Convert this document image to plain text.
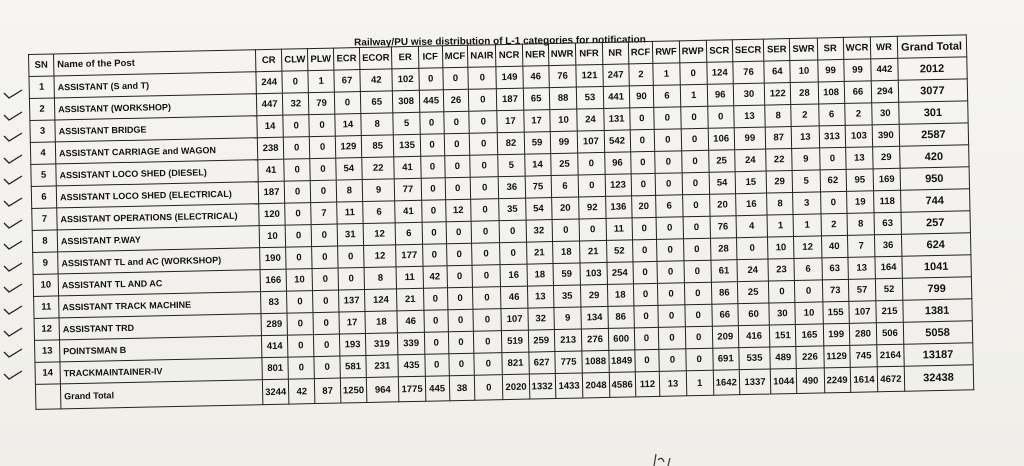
Railway/PU wise distribution of L-1 categories for notification
SN	Name of the Post	CR	CLW	PLW	ECR	ECOR	ER	ICF	MCF	NAIR	NCR	NER	NWR	NFR	NR	RCF	RWF	RWP	SCR	SECR	SER	SWR	SR	WCR	WR	Grand Total
1	ASSISTANT (S and T)	244	0	1	67	42	102	0	0	0	149	46	76	121	247	2	1	0	124	76	64	10	99	99	442	2012
2	ASSISTANT (WORKSHOP)	447	32	79	0	65	308	445	26	0	187	65	88	53	441	90	6	1	96	30	122	28	108	66	294	3077
3	ASSISTANT BRIDGE	14	0	0	14	8	5	0	0	0	17	17	10	24	131	0	0	0	0	13	8	2	6	2	30	301
4	ASSISTANT CARRIAGE and WAGON	238	0	0	129	85	135	0	0	0	82	59	99	107	542	0	0	0	106	99	87	13	313	103	390	2587
5	ASSISTANT LOCO SHED (DIESEL)	41	0	0	54	22	41	0	0	0	5	14	25	0	96	0	0	0	25	24	22	9	0	13	29	420
6	ASSISTANT LOCO SHED (ELECTRICAL)	187	0	0	8	9	77	0	0	0	36	75	6	0	123	0	0	0	54	15	29	5	62	95	169	950
7	ASSISTANT OPERATIONS (ELECTRICAL)	120	0	7	11	6	41	0	12	0	35	54	20	92	136	20	6	0	20	16	8	3	0	19	118	744
8	ASSISTANT P.WAY	10	0	0	31	12	6	0	0	0	0	32	0	0	11	0	0	0	76	4	1	1	2	8	63	257
9	ASSISTANT TL and AC (WORKSHOP)	190	0	0	0	12	177	0	0	0	0	21	18	21	52	0	0	0	28	0	10	12	40	7	36	624
10	ASSISTANT TL AND AC	166	10	0	0	8	11	42	0	0	16	18	59	103	254	0	0	0	61	24	23	6	63	13	164	1041
11	ASSISTANT TRACK MACHINE	83	0	0	137	124	21	0	0	0	46	13	35	29	18	0	0	0	86	25	0	0	73	57	52	799
12	ASSISTANT TRD	289	0	0	17	18	46	0	0	0	107	32	9	134	86	0	0	0	66	60	30	10	155	107	215	1381
13	POINTSMAN B	414	0	0	193	319	339	0	0	0	519	259	213	276	600	0	0	0	209	416	151	165	199	280	506	5058
14	TRACKMAINTAINER-IV	801	0	0	581	231	435	0	0	0	821	627	775	1088	1849	0	0	0	691	535	489	226	1129	745	2164	13187
	Grand Total	3244	42	87	1250	964	1775	445	38	0	2020	1332	1433	2048	4586	112	13	1	1642	1337	1044	490	2249	1614	4672	32438
